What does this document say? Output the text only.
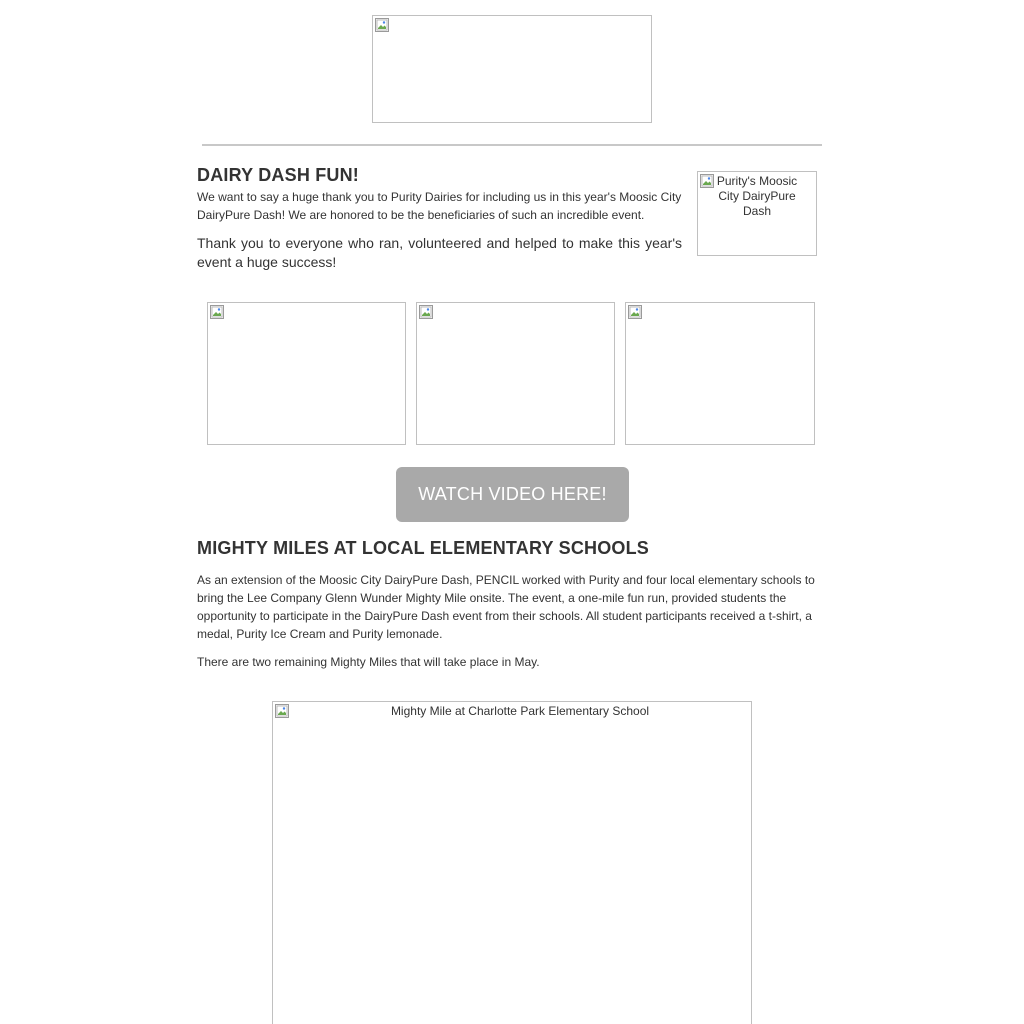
DAIRY DASH FUN!

We want to say a huge thank you to Purity Dairies for including us in this year's Moosic City DairyPure Dash! We are honored to be the beneficiaries of such an incredible event.

Thank you to everyone who ran, volunteered and helped to make this year's event a huge success!

Purity's Moosic City DairyPure Dash
WATCH VIDEO HERE!
MIGHTY MILES AT LOCAL ELEMENTARY SCHOOLS

As an extension of the Moosic City DairyPure Dash, PENCIL worked with Purity and four local elementary schools to bring the Lee Company Glenn Wunder Mighty Mile onsite. The event, a one-mile fun run, provided students the opportunity to participate in the DairyPure Dash event from their schools. All student participants received a t-shirt, a medal, Purity Ice Cream and Purity lemonade.

There are two remaining Mighty Miles that will take place in May.

Mighty Mile at Charlotte Park Elementary School
